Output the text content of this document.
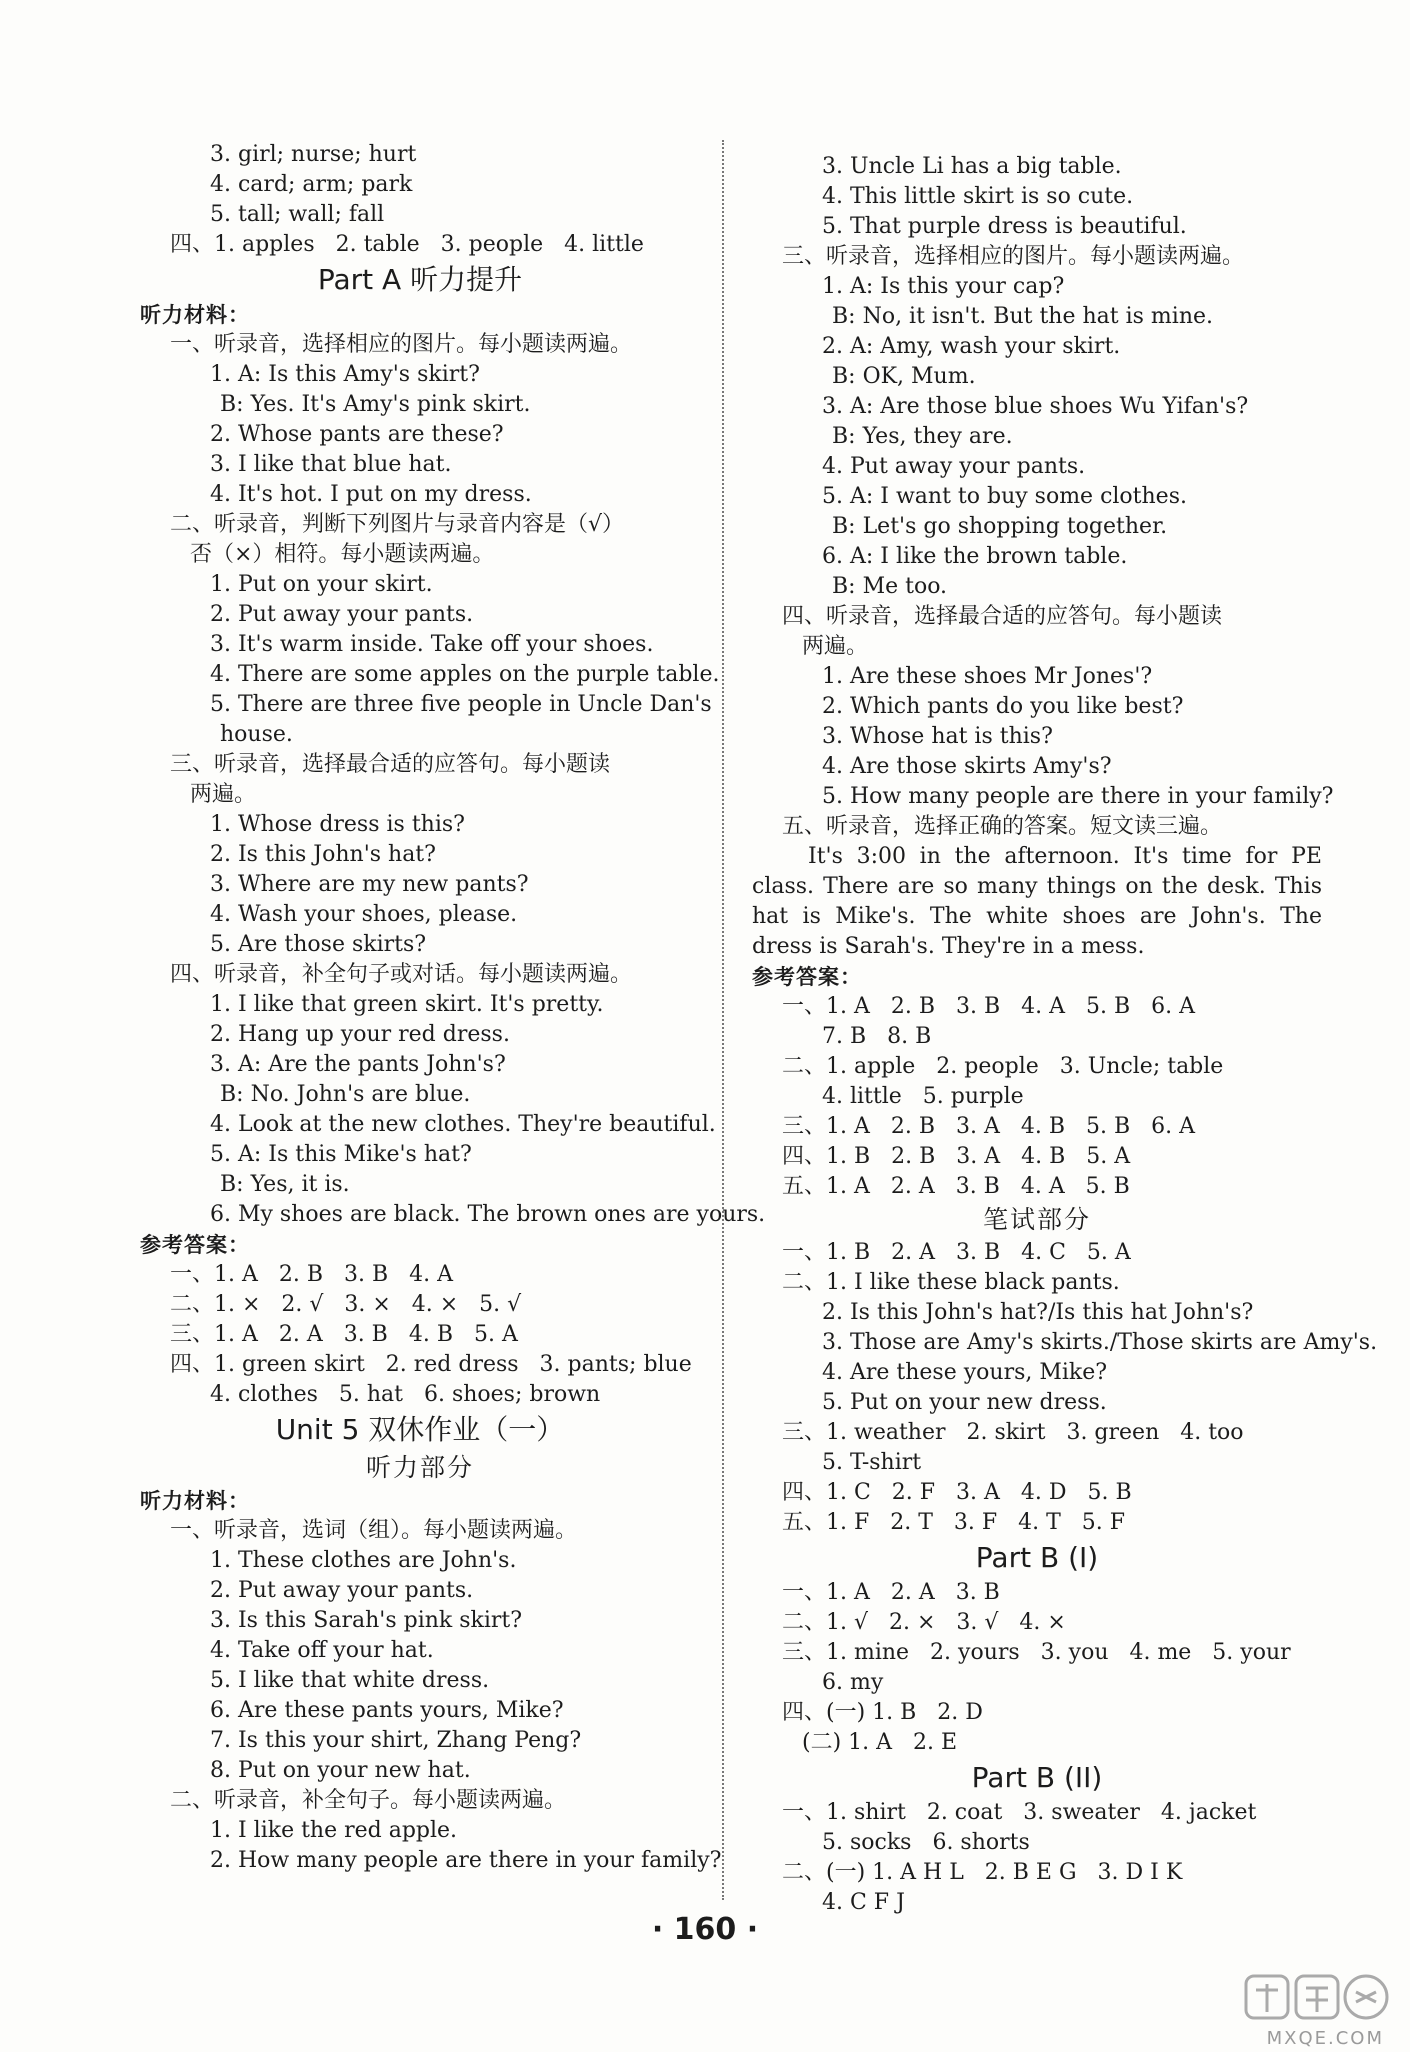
3. girl; nurse; hurt
4. card; arm; park
5. tall; wall; fall
四、1. apples   2. table   3. people   4. little
Part A 听力提升
听力材料：
一、听录音，选择相应的图片。每小题读两遍。
1. A: Is this Amy's skirt?
B: Yes. It's Amy's pink skirt.
2. Whose pants are these?
3. I like that blue hat.
4. It's hot. I put on my dress.
二、听录音，判断下列图片与录音内容是（√）
否（×）相符。每小题读两遍。
1. Put on your skirt.
2. Put away your pants.
3. It's warm inside. Take off your shoes.
4. There are some apples on the purple table.
5. There are three five people in Uncle Dan's
house.
三、听录音，选择最合适的应答句。每小题读
两遍。
1. Whose dress is this?
2. Is this John's hat?
3. Where are my new pants?
4. Wash your shoes, please.
5. Are those skirts?
四、听录音，补全句子或对话。每小题读两遍。
1. I like that green skirt. It's pretty.
2. Hang up your red dress.
3. A: Are the pants John's?
B: No. John's are blue.
4. Look at the new clothes. They're beautiful.
5. A: Is this Mike's hat?
B: Yes, it is.
6. My shoes are black. The brown ones are yours.
参考答案：
一、1. A   2. B   3. B   4. A
二、1. ×   2. √   3. ×   4. ×   5. √
三、1. A   2. A   3. B   4. B   5. A
四、1. green skirt   2. red dress   3. pants; blue
4. clothes   5. hat   6. shoes; brown
Unit 5 双休作业（一）
听力部分
听力材料：
一、听录音，选词（组）。每小题读两遍。
1. These clothes are John's.
2. Put away your pants.
3. Is this Sarah's pink skirt?
4. Take off your hat.
5. I like that white dress.
6. Are these pants yours, Mike?
7. Is this your shirt, Zhang Peng?
8. Put on your new hat.
二、听录音，补全句子。每小题读两遍。
1. I like the red apple.
2. How many people are there in your family?
3. Uncle Li has a big table.
4. This little skirt is so cute.
5. That purple dress is beautiful.
三、听录音，选择相应的图片。每小题读两遍。
1. A: Is this your cap?
B: No, it isn't. But the hat is mine.
2. A: Amy, wash your skirt.
B: OK, Mum.
3. A: Are those blue shoes Wu Yifan's?
B: Yes, they are.
4. Put away your pants.
5. A: I want to buy some clothes.
B: Let's go shopping together.
6. A: I like the brown table.
B: Me too.
四、听录音，选择最合适的应答句。每小题读
两遍。
1. Are these shoes Mr Jones'?
2. Which pants do you like best?
3. Whose hat is this?
4. Are those skirts Amy's?
5. How many people are there in your family?
五、听录音，选择正确的答案。短文读三遍。
It's 3:00 in the afternoon. It's time for PE class. There are so many things on the desk. This hat is Mike's. The white shoes are John's. The dress is Sarah's. They're in a mess.
参考答案：
一、1. A   2. B   3. B   4. A   5. B   6. A
7. B   8. B
二、1. apple   2. people   3. Uncle; table
4. little   5. purple
三、1. A   2. B   3. A   4. B   5. B   6. A
四、1. B   2. B   3. A   4. B   5. A
五、1. A   2. A   3. B   4. A   5. B
笔试部分
一、1. B   2. A   3. B   4. C   5. A
二、1. I like these black pants.
2. Is this John's hat?/Is this hat John's?
3. Those are Amy's skirts./Those skirts are Amy's.
4. Are these yours, Mike?
5. Put on your new dress.
三、1. weather   2. skirt   3. green   4. too
5. T-shirt
四、1. C   2. F   3. A   4. D   5. B
五、1. F   2. T   3. F   4. T   5. F
Part B (I)
一、1. A   2. A   3. B
二、1. √   2. ×   3. √   4. ×
三、1. mine   2. yours   3. you   4. me   5. your
6. my
四、(一) 1. B   2. D
(二) 1. A   2. E
Part B (II)
一、1. shirt   2. coat   3. sweater   4. jacket
5. socks   6. shorts
二、(一) 1. A H L   2. B E G   3. D I K
4. C F J
· 160 ·
MXQE.COM
